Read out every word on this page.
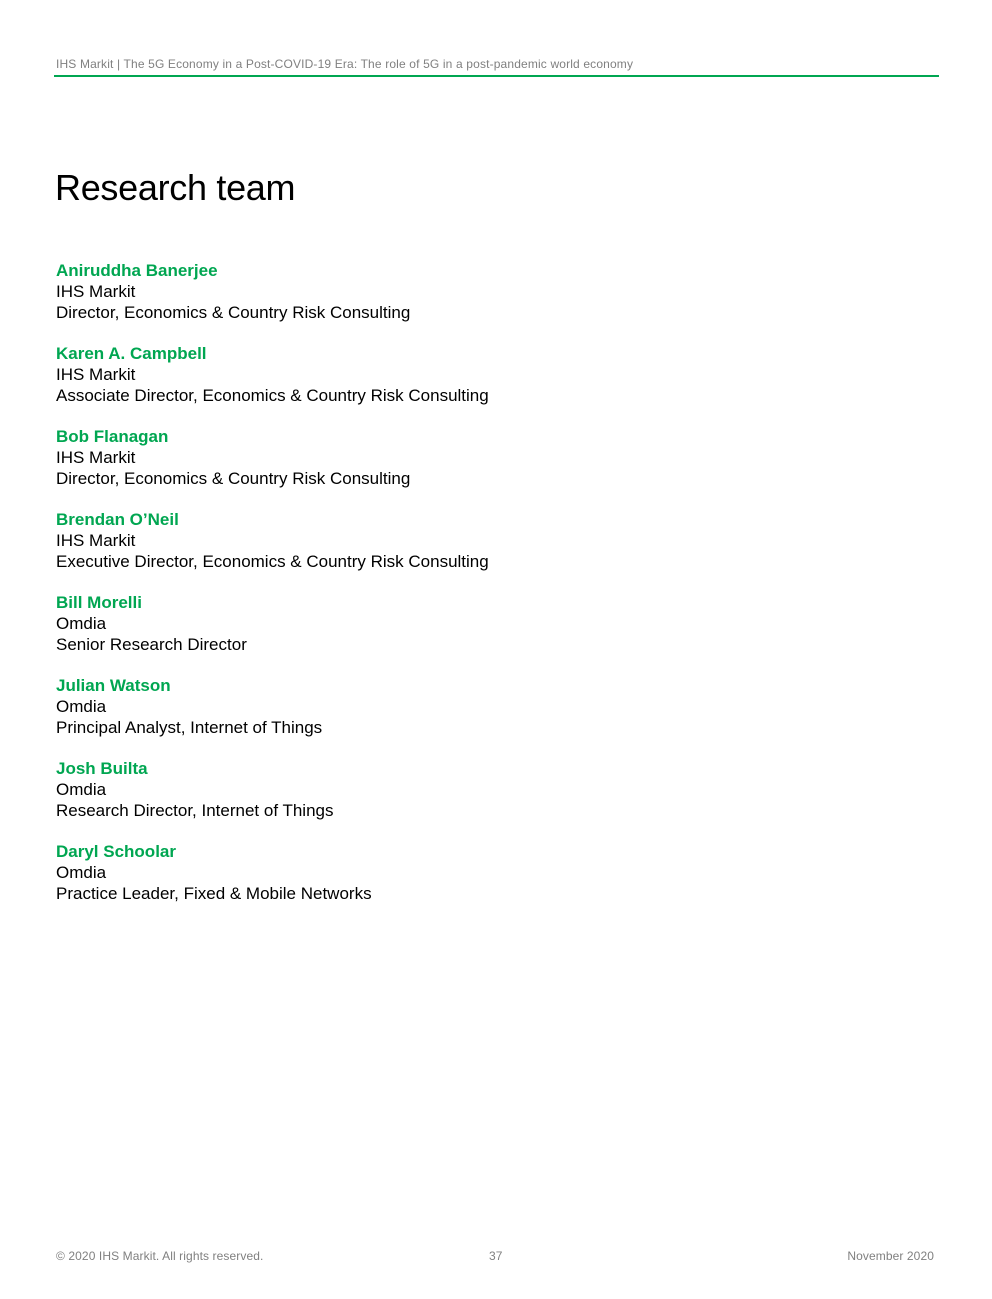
IHS Markit | The 5G Economy in a Post-COVID-19 Era: The role of 5G in a post-pandemic world economy
Research team
Aniruddha Banerjee
IHS Markit
Director, Economics & Country Risk Consulting
Karen A. Campbell
IHS Markit
Associate Director, Economics & Country Risk Consulting
Bob Flanagan
IHS Markit
Director, Economics & Country Risk Consulting
Brendan O’Neil
IHS Markit
Executive Director, Economics & Country Risk Consulting
Bill Morelli
Omdia
Senior Research Director
Julian Watson
Omdia
Principal Analyst, Internet of Things
Josh Builta
Omdia
Research Director, Internet of Things
Daryl Schoolar
Omdia
Practice Leader, Fixed & Mobile Networks
© 2020 IHS Markit. All rights reserved.	37	November 2020
